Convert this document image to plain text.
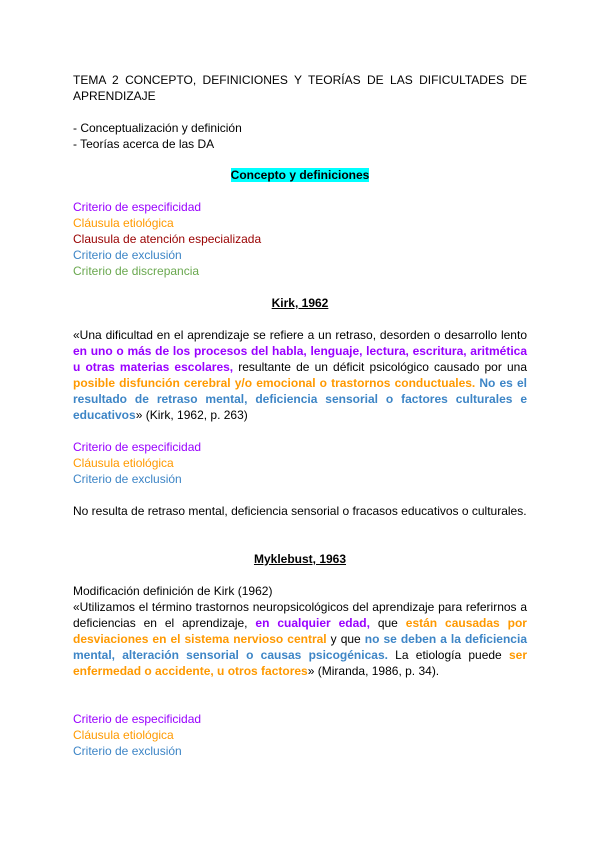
TEMA 2 CONCEPTO, DEFINICIONES Y TEORÍAS DE LAS DIFICULTADES DE APRENDIZAJE
- Conceptualización y definición
- Teorías acerca de las DA
Concepto y definiciones
Criterio de especificidad
Cláusula etiológica
Clausula de atención especializada
Criterio de exclusión
Criterio de discrepancia
Kirk, 1962
«Una dificultad en el aprendizaje se refiere a un retraso, desorden o desarrollo lento en uno o más de los procesos del habla, lenguaje, lectura, escritura, aritmética u otras materias escolares, resultante de un déficit psicológico causado por una posible disfunción cerebral y/o emocional o trastornos conductuales. No es el resultado de retraso mental, deficiencia sensorial o factores culturales e educativos» (Kirk, 1962, p. 263)
Criterio de especificidad
Cláusula etiológica
Criterio de exclusión
No resulta de retraso mental, deficiencia sensorial o fracasos educativos o culturales.
Myklebust, 1963
Modificación definición de Kirk (1962)
«Utilizamos el término trastornos neuropsicológicos del aprendizaje para referirnos a deficiencias en el aprendizaje, en cualquier edad, que están causadas por desviaciones en el sistema nervioso central y que no se deben a la deficiencia mental, alteración sensorial o causas psicogénicas. La etiología puede ser enfermedad o accidente, u otros factores» (Miranda, 1986, p. 34).
Criterio de especificidad
Cláusula etiológica
Criterio de exclusión
